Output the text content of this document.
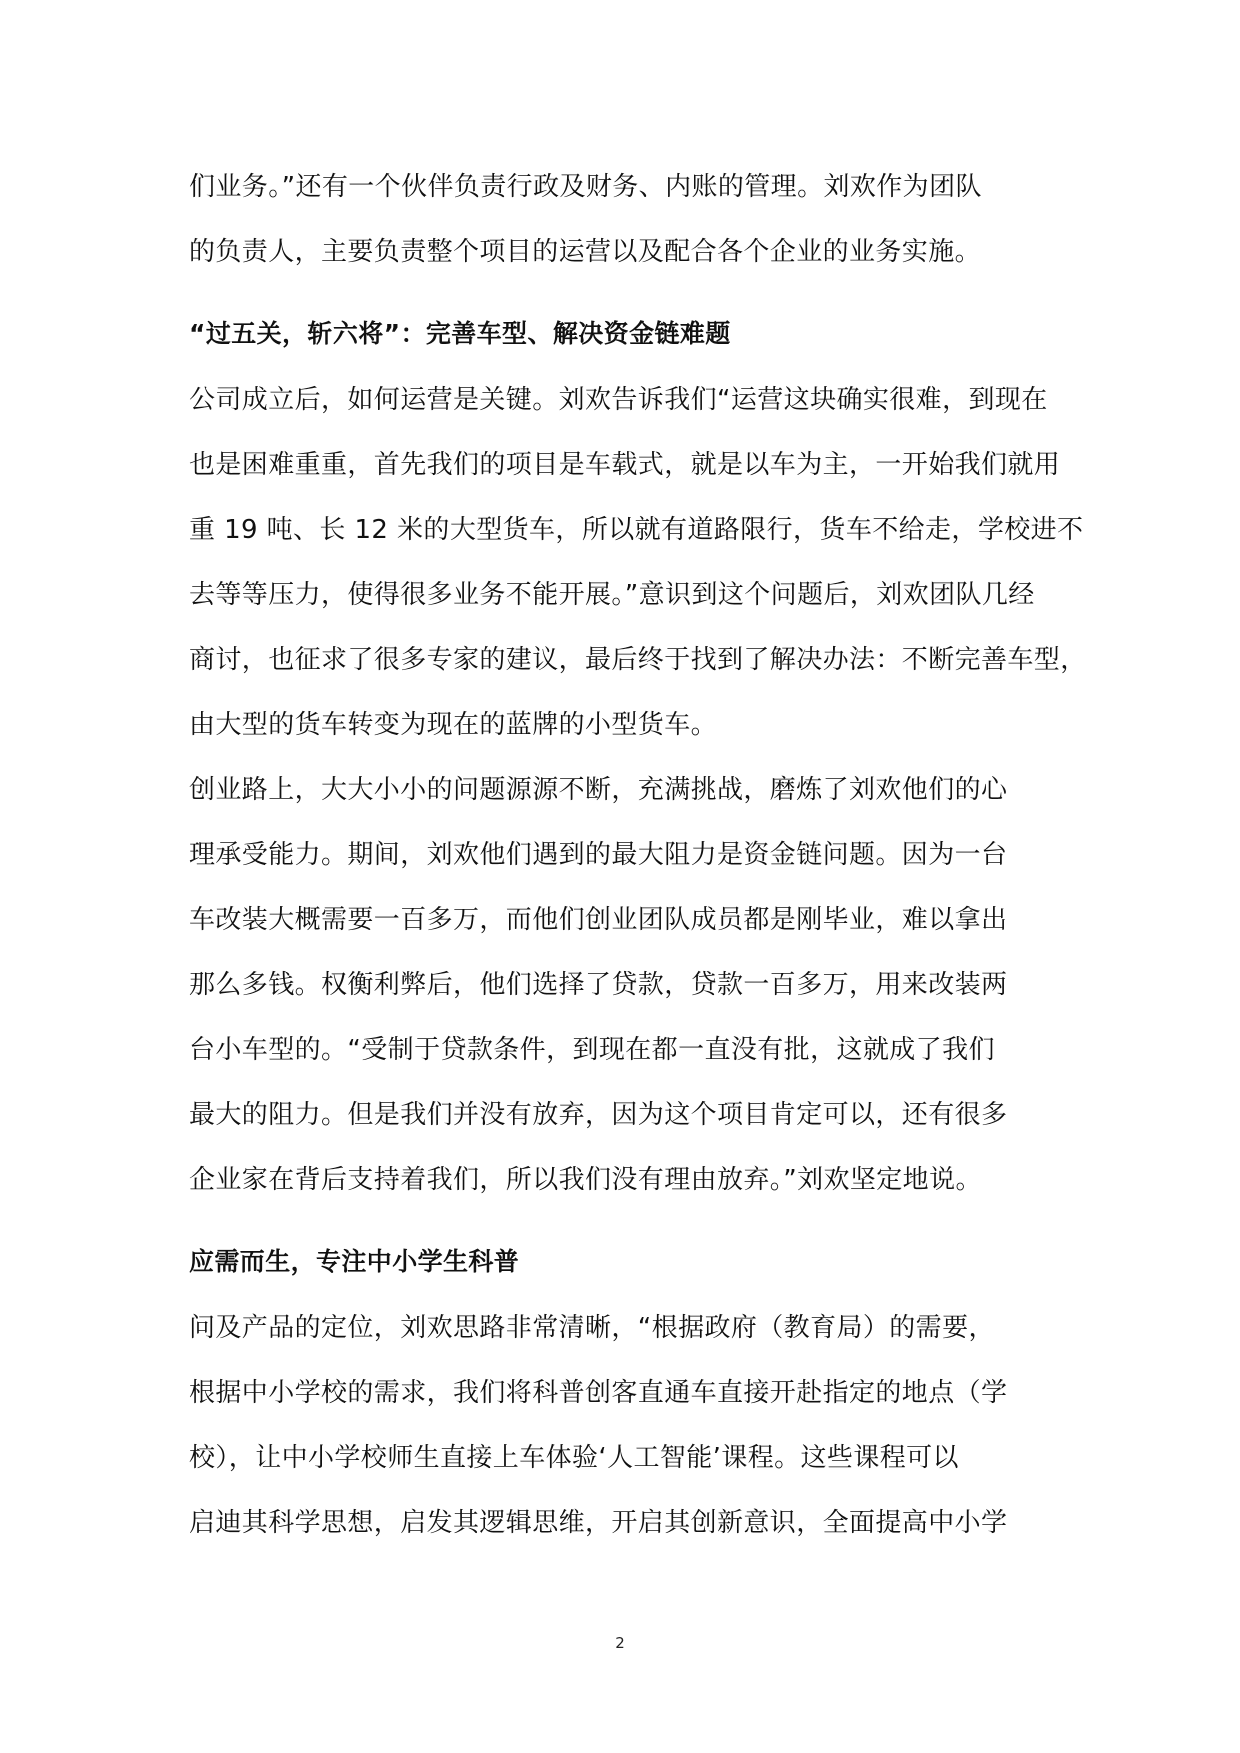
们业务。”还有一个伙伴负责行政及财务、内账的管理。刘欢作为团队
的负责人，主要负责整个项目的运营以及配合各个企业的业务实施。
“过五关，斩六将”：完善车型、解决资金链难题
公司成立后，如何运营是关键。刘欢告诉我们“运营这块确实很难，到现在
也是困难重重，首先我们的项目是车载式，就是以车为主，一开始我们就用
重 19 吨、长 12 米的大型货车，所以就有道路限行，货车不给走，学校进不
去等等压力，使得很多业务不能开展。”意识到这个问题后，刘欢团队几经
商讨，也征求了很多专家的建议，最后终于找到了解决办法：不断完善车型，
由大型的货车转变为现在的蓝牌的小型货车。
创业路上，大大小小的问题源源不断，充满挑战，磨炼了刘欢他们的心
理承受能力。期间，刘欢他们遇到的最大阻力是资金链问题。因为一台
车改装大概需要一百多万，而他们创业团队成员都是刚毕业，难以拿出
那么多钱。权衡利弊后，他们选择了贷款，贷款一百多万，用来改装两
台小车型的。“受制于贷款条件，到现在都一直没有批，这就成了我们
最大的阻力。但是我们并没有放弃，因为这个项目肯定可以，还有很多
企业家在背后支持着我们，所以我们没有理由放弃。”刘欢坚定地说。
应需而生，专注中小学生科普
问及产品的定位，刘欢思路非常清晰，“根据政府（教育局）的需要，
根据中小学校的需求，我们将科普创客直通车直接开赴指定的地点（学
校），让中小学校师生直接上车体验‘人工智能’课程。这些课程可以
启迪其科学思想，启发其逻辑思维，开启其创新意识，全面提高中小学
2
